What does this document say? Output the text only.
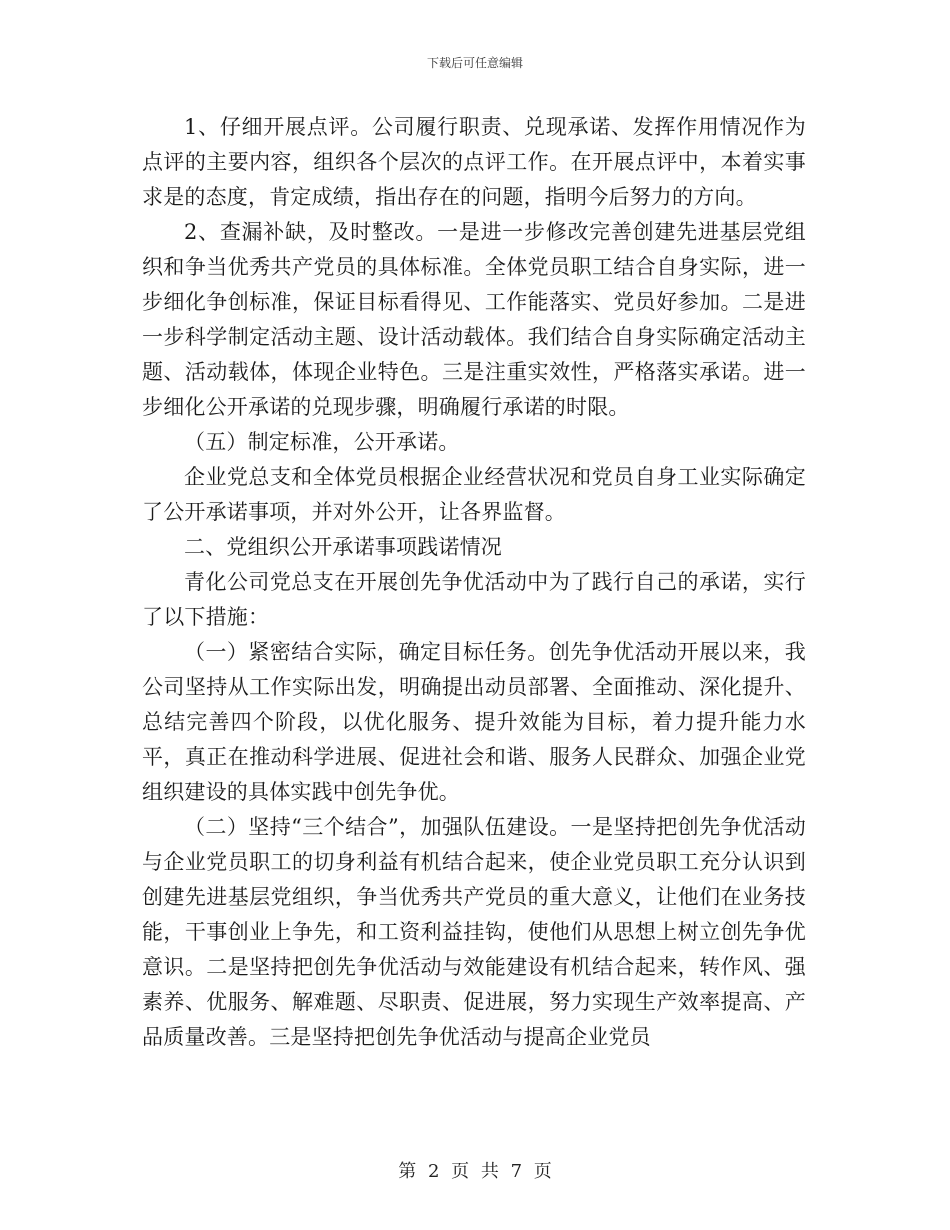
下载后可任意编辑

1、仔细开展点评。公司履行职责、兑现承诺、发挥作用情况作为点评的主要内容，组织各个层次的点评工作。在开展点评中，本着实事求是的态度，肯定成绩，指出存在的问题，指明今后努力的方向。

2、查漏补缺，及时整改。一是进一步修改完善创建先进基层党组织和争当优秀共产党员的具体标准。全体党员职工结合自身实际，进一步细化争创标准，保证目标看得见、工作能落实、党员好参加。二是进一步科学制定活动主题、设计活动载体。我们结合自身实际确定活动主题、活动载体，体现企业特色。三是注重实效性，严格落实承诺。进一步细化公开承诺的兑现步骤，明确履行承诺的时限。

（五）制定标准，公开承诺。

企业党总支和全体党员根据企业经营状况和党员自身工业实际确定了公开承诺事项，并对外公开，让各界监督。

二、党组织公开承诺事项践诺情况

青化公司党总支在开展创先争优活动中为了践行自己的承诺，实行了以下措施：

（一）紧密结合实际，确定目标任务。创先争优活动开展以来，我公司坚持从工作实际出发，明确提出动员部署、全面推动、深化提升、总结完善四个阶段，以优化服务、提升效能为目标，着力提升能力水平，真正在推动科学进展、促进社会和谐、服务人民群众、加强企业党组织建设的具体实践中创先争优。

（二）坚持“三个结合”，加强队伍建设。一是坚持把创先争优活动与企业党员职工的切身利益有机结合起来，使企业党员职工充分认识到创建先进基层党组织，争当优秀共产党员的重大意义，让他们在业务技能，干事创业上争先，和工资利益挂钩，使他们从思想上树立创先争优意识。二是坚持把创先争优活动与效能建设有机结合起来，转作风、强素养、优服务、解难题、尽职责、促进展，努力实现生产效率提高、产品质量改善。三是坚持把创先争优活动与提高企业党员

第 2 页 共 7 页
